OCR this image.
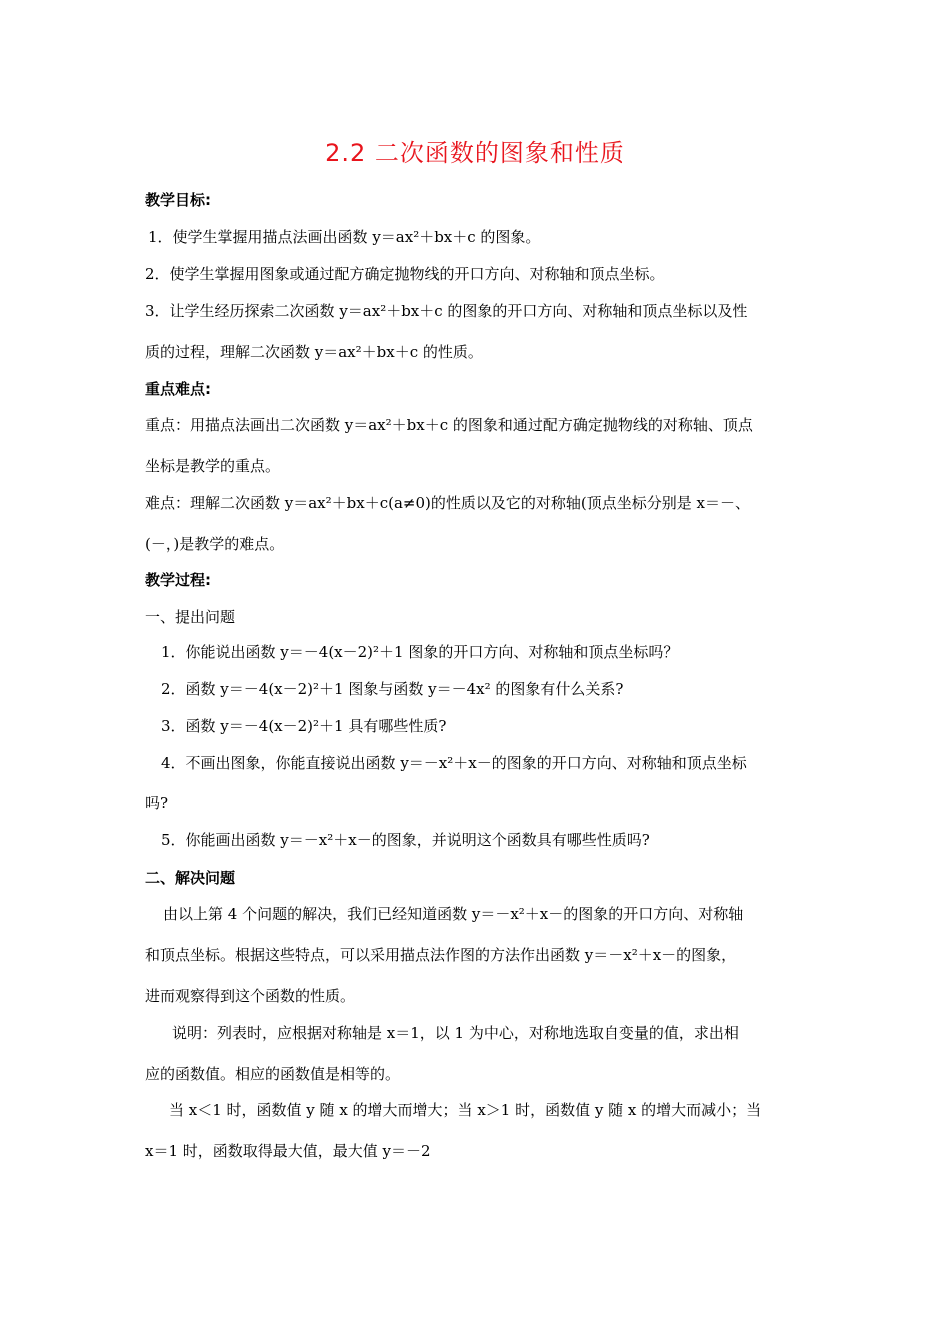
2.2 二次函数的图象和性质
教学目标:
1．使学生掌握用描点法画出函数 y＝ax²＋bx＋c 的图象。
2．使学生掌握用图象或通过配方确定抛物线的开口方向、对称轴和顶点坐标。
3．让学生经历探索二次函数 y＝ax²＋bx＋c 的图象的开口方向、对称轴和顶点坐标以及性
质的过程，理解二次函数 y＝ax²＋bx＋c 的性质。
重点难点:
重点：用描点法画出二次函数 y＝ax²＋bx＋c 的图象和通过配方确定抛物线的对称轴、顶点
坐标是教学的重点。
难点：理解二次函数 y＝ax²＋bx＋c(a≠0)的性质以及它的对称轴(顶点坐标分别是 x＝－、
(－，)是教学的难点。
教学过程:
一、提出问题
1．你能说出函数 y＝－4(x－2)²＋1 图象的开口方向、对称轴和顶点坐标吗？
2．函数 y＝－4(x－2)²＋1 图象与函数 y＝－4x² 的图象有什么关系?
3．函数 y＝－4(x－2)²＋1 具有哪些性质?
4．不画出图象，你能直接说出函数 y＝－x²＋x－的图象的开口方向、对称轴和顶点坐标
吗?
5．你能画出函数 y＝－x²＋x－的图象，并说明这个函数具有哪些性质吗?
二、解决问题
由以上第 4 个问题的解决，我们已经知道函数 y＝－x²＋x－的图象的开口方向、对称轴
和顶点坐标。根据这些特点，可以采用描点法作图的方法作出函数 y＝－x²＋x－的图象，
进而观察得到这个函数的性质。
说明：列表时，应根据对称轴是 x＝1，以 1 为中心，对称地选取自变量的值，求出相
应的函数值。相应的函数值是相等的。
当 x＜1 时，函数值 y 随 x 的增大而增大；当 x＞1 时，函数值 y 随 x 的增大而减小；当
x＝1 时，函数取得最大值，最大值 y＝－2
